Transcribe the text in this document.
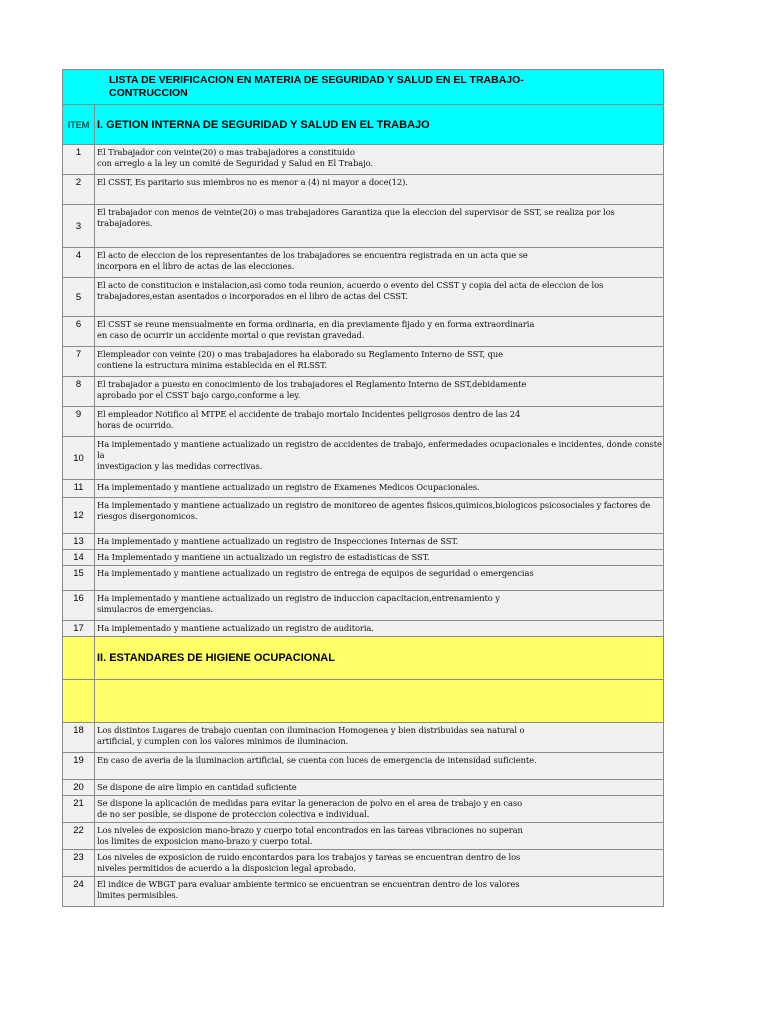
LISTA DE VERIFICACION EN MATERIA DE SEGURIDAD Y SALUD EN EL TRABAJO-
CONTRUCCION	

ITEM	I. GETION INTERNA DE SEGURIDAD Y SALUD EN EL TRABAJO
1	El Trabajador con veinte(20) o mas trabajadores a constituido
con arreglo a la ley un comité de Seguridad y Salud en El Trabajo.
2	El CSST, Es paritario sus miembros no es menor a (4) ni mayor a doce(12).
3	El trabajador con menos de veinte(20) o mas trabajadores Garantiza que la eleccion del supervisor de SST, se realiza por los trabajadores.
4	El acto de eleccion de los representantes de los trabajadores se encuentra registrada en un acta que se
incorpora en el libro de actas de las elecciones.
5	El acto de constitucion e instalacion,asi como toda reunion, acuerdo o evento del CSST y copia del acta de eleccion de los
trabajadores,estan asentados o incorporados en el libro de actas del CSST.
6	El CSST se reune mensualmente en forma ordinaria, en dia previamente fijado y en forma extraordinaria
en caso de ocurrir un accidente mortal o que revistan gravedad.
7	Elempleador con veinte (20) o mas trabajadores ha elaborado su Reglamento Interno de SST, que
contiene la estructura minima establecida en el RLSST.
8	El trabajador a puesto en conocimiento de los trabajadores el Reglamento Interno de SST,debidamente
aprobado por el CSST bajo cargo,conforme a ley.
9	El empleador Notifico al MTPE el accidente de trabajo mortalo Incidentes peligrosos dentro de las 24
horas de ocurrido.
10	Ha implementado y mantiene actualizado un registro de accidentes de trabajo, enfermedades ocupacionales e incidentes, donde conste la
investigacion y las medidas correctivas.
11	Ha implementado y mantiene actualizado un registro de Examenes Medicos Ocupacionales.
12	Ha implementado y mantiene actualizado un registro de monitoreo de agentes fisicos,quimicos,biologicos psicosociales y factores de
riesgos disergonomicos.
13	Ha implementado y mantiene actualizado un registro de Inspecciones Internas de SST.
14	Ha Implementado y mantiene un actualizado un registro de estadisticas de SST.
15	Ha implementado y mantiene actualizado un registro de entrega de equipos de seguridad o emergencias
16	Ha implementado y mantiene actualizado un registro de induccion capacitacion,entrenamiento y
simulacros de emergencias.
17	Ha implementado y mantiene actualizado un registro de auditoria.
	II. ESTANDARES DE HIGIENE OCUPACIONAL

18	Los distintos Lugares de trabajo cuentan con iluminacion Homogenea y bien distribuidas sea natural o
artificial, y cumplen con los valores minimos de iluminacion.
19	En caso de averia de la iluminacion artificial, se cuenta con luces de emergencia de intensidad suficiente.
20	Se dispone de aire limpio en cantidad suficiente
21	Se dispone la aplicación de medidas para evitar la generacion de polvo en el area de trabajo y en caso
de no ser posible, se dispone de proteccion colectiva e individual.
22	Los niveles de exposicion mano-brazo y cuerpo total encontrados en las tareas vibraciones no superan
los limites de exposicion mano-brazo y cuerpo total.
23	Los niveles de exposicion de ruido encontardos para los trabajos y tareas se encuentran dentro de los
niveles permitidos de acuerdo a la disposicion legal aprobado.
24	El indice de WBGT para evaluar ambiente termico se encuentran se encuentran dentro de los valores
limites permisibles.
